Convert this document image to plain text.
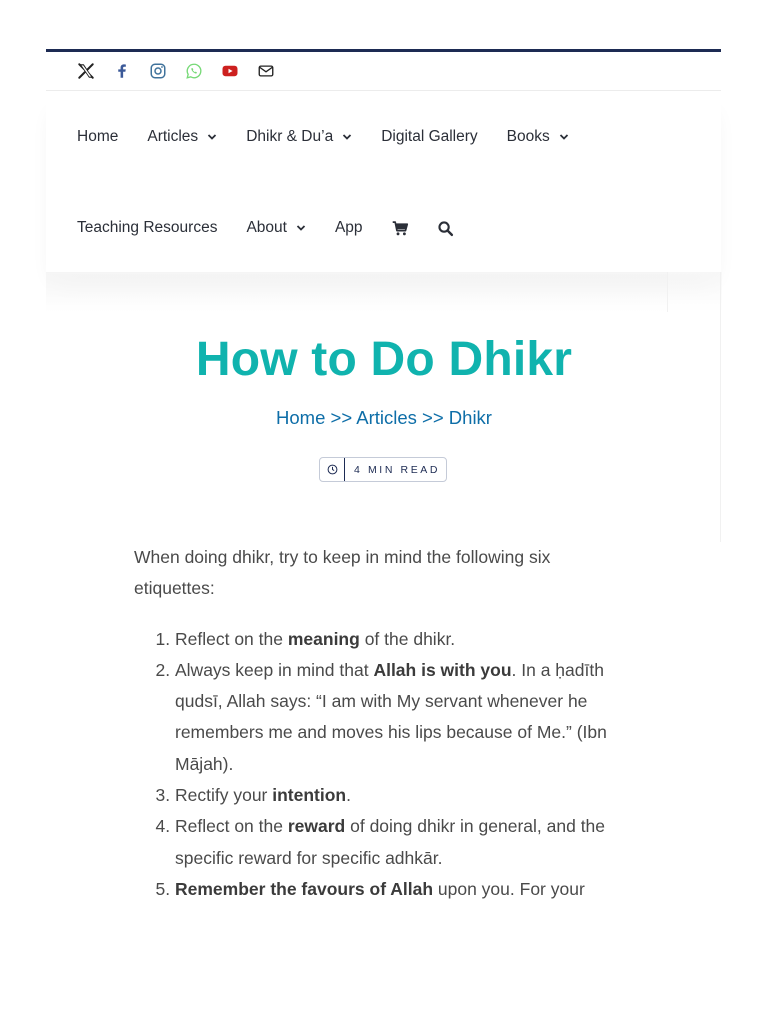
Home Articles	Dhikr & Du’a	Digital Gallery Books
Teaching Resources About	App
How to Do Dhikr
Home >> Articles >> Dhikr
4 MIN READ

When doing dhikr, try to keep in mind the following six etiquettes:

1. Reflect on the meaning of the dhikr.
2. Always keep in mind that Allah is with you. In a ḥadīth qudsī, Allah says: “I am with My servant whenever he remembers me and moves his lips because of Me.” (Ibn Mājah).
3. Rectify your intention.
4. Reflect on the reward of doing dhikr in general, and the specific reward for specific adhkār.
5. Remember the favours of Allah upon you. For your
